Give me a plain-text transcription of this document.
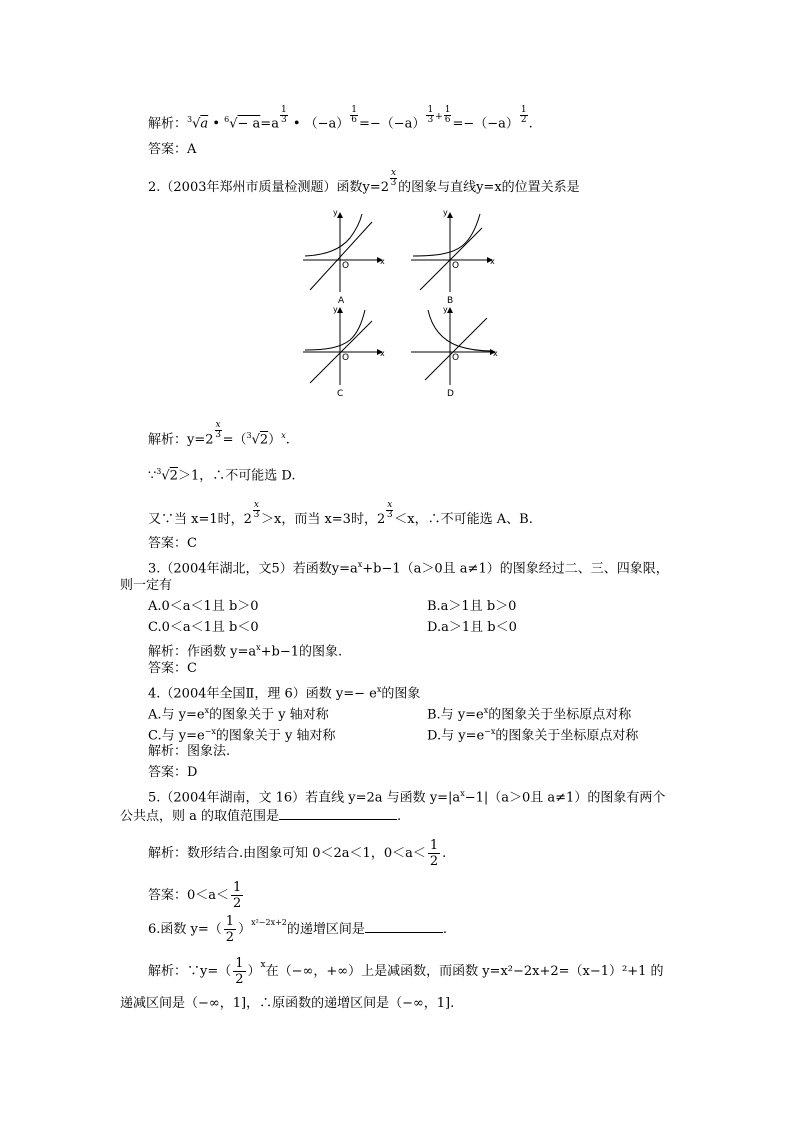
解析：$^3$√a • $^6√- a=a \frac{1}{3}$ • $(-a) \frac{1}{6} =-(-a) \frac{1}{3} + \frac{1}{6} =-(-a) \frac{1}{2}$ .
答案：A
2.（2003年郑州市质量检测题）函数$y=2 \frac{x}{3}$ 的图象与直线y=x的位置关系是
y
x
O
A
y
x
O
B
y
x
O
C
y
x
O
D
解析：$y=2 \frac{x}{3} =(^3√2)^x$.
∵$^3$√2＞1，∴不可能选 D.
又∵当 x=1时，$2 \frac{x}{3} >x$，而当 x=3时，$2 \frac{x}{3} <x$，∴不可能选 A、B.
答案：C
3.（2004年湖北，文5）若函数$y=a^x+b-1(a>0$且 a≠1）的图象经过二、三、四象限，
则一定有
A.0＜a＜1且 b＞0	B.a＞1且 b＞0
C.0＜a＜1且 b＜0	D.a＞1且 b＜0
解析：作函数 $y=a^x+b-1$的图象.
答案：C
4.（2004年全国Ⅱ，理 6）函数 $y=- e^x$的图象
A.与 $y=e^x$的图象关于 y 轴对称	B.与 $y=e^x$的图象关于坐标原点对称
C.与 $y=e^{-x}$的图象关于 y 轴对称	D.与 $y=e^{-x}$的图象关于坐标原点对称
解析：图象法.
答案：D
5.（2004年湖南，文 16）若直线 y=2a 与函数 $y=|a^x-1|(a>0$且 a≠1）的图象有两个
公共点，则 a 的取值范围是	.
解析：数形结合.由图象可知 0＜2a＜1，$0<a< \frac{1}{2}$ .
答案：$0<a< \frac{1}{2}$
6.函数 $y=( \frac{1}{2} )^{x^2-2x+2}$的递增区间是	.
解析：∵y=（ $\frac{1}{2} )^x$在（−∞，+∞）上是减函数，而函数 y=x²−2x+2=（x−1）²+1 的
递减区间是（−∞，1]，∴原函数的递增区间是（−∞，1].
